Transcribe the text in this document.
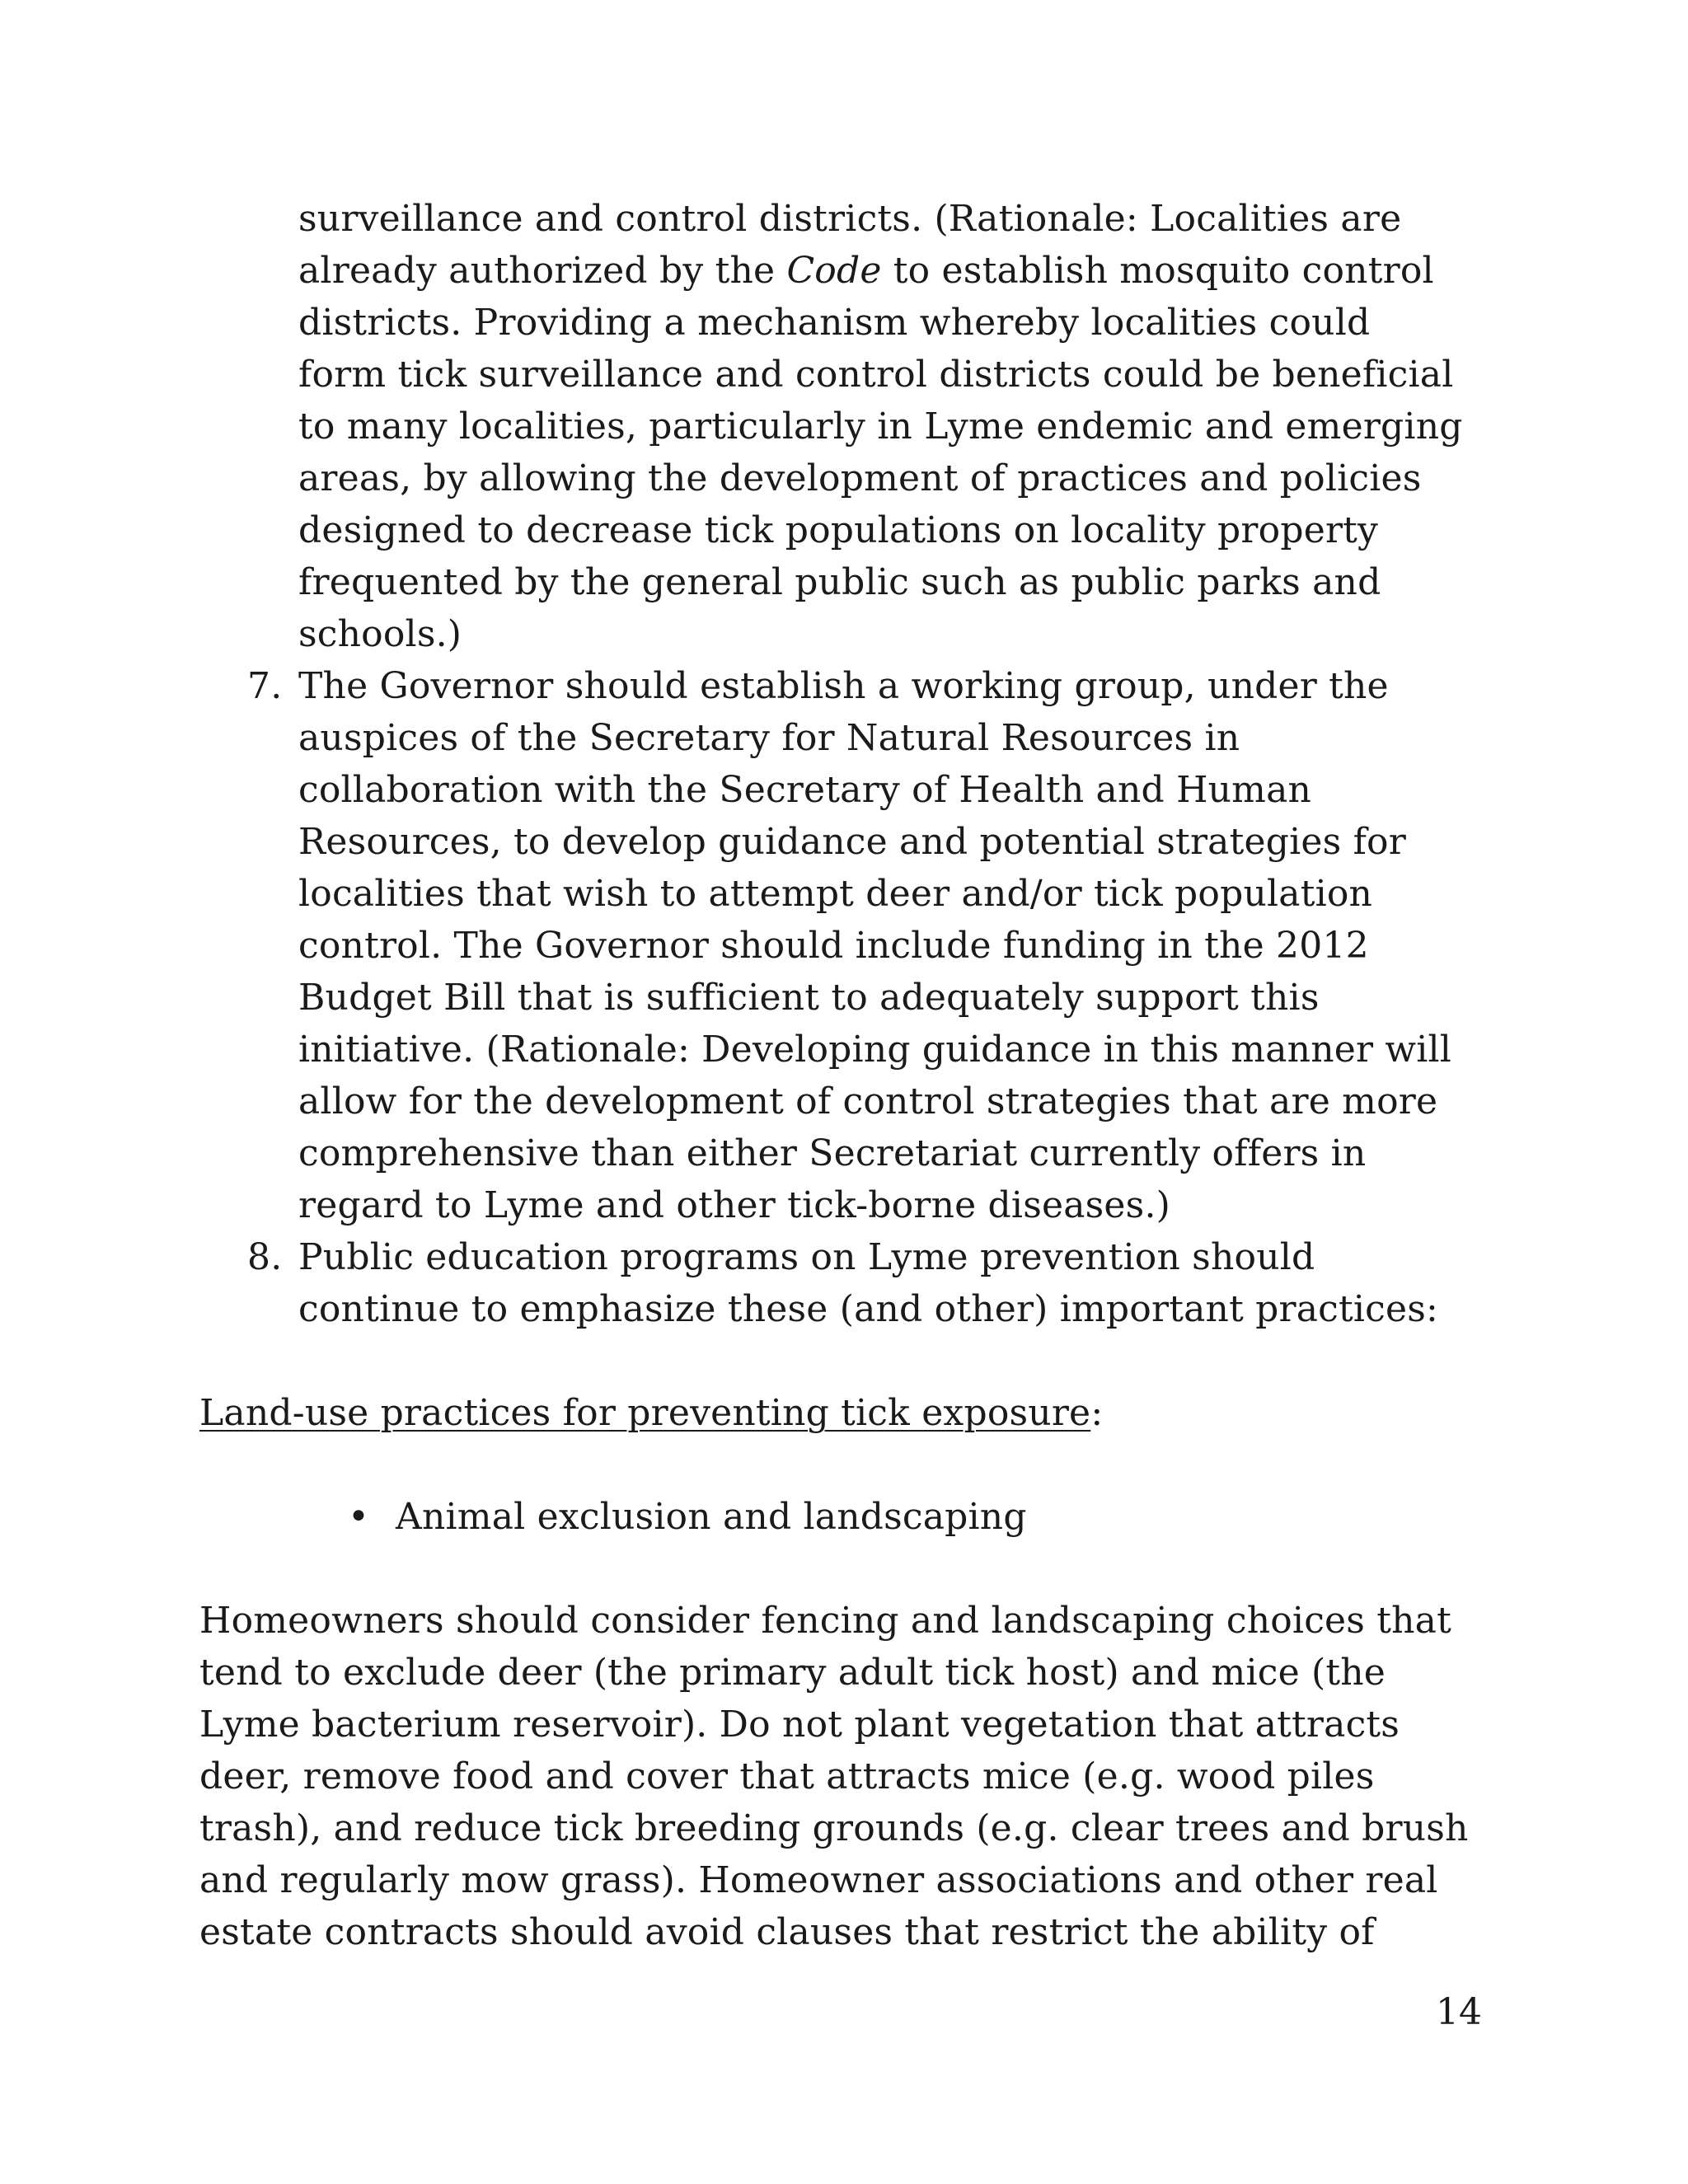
surveillance and control districts. (Rationale: Localities are
already authorized by the Code to establish mosquito control
districts. Providing a mechanism whereby localities could
form tick surveillance and control districts could be beneficial
to many localities, particularly in Lyme endemic and emerging
areas, by allowing the development of practices and policies
designed to decrease tick populations on locality property
frequented by the general public such as public parks and
schools.)
7. The Governor should establish a working group, under the
auspices of the Secretary for Natural Resources in
collaboration with the Secretary of Health and Human
Resources, to develop guidance and potential strategies for
localities that wish to attempt deer and/or tick population
control. The Governor should include funding in the 2012
Budget Bill that is sufficient to adequately support this
initiative. (Rationale: Developing guidance in this manner will
allow for the development of control strategies that are more
comprehensive than either Secretariat currently offers in
regard to Lyme and other tick-borne diseases.)
8. Public education programs on Lyme prevention should
continue to emphasize these (and other) important practices:
Land-use practices for preventing tick exposure:
• Animal exclusion and landscaping
Homeowners should consider fencing and landscaping choices that
tend to exclude deer (the primary adult tick host) and mice (the
Lyme bacterium reservoir). Do not plant vegetation that attracts
deer, remove food and cover that attracts mice (e.g. wood piles
trash), and reduce tick breeding grounds (e.g. clear trees and brush
and regularly mow grass). Homeowner associations and other real
estate contracts should avoid clauses that restrict the ability of
14
